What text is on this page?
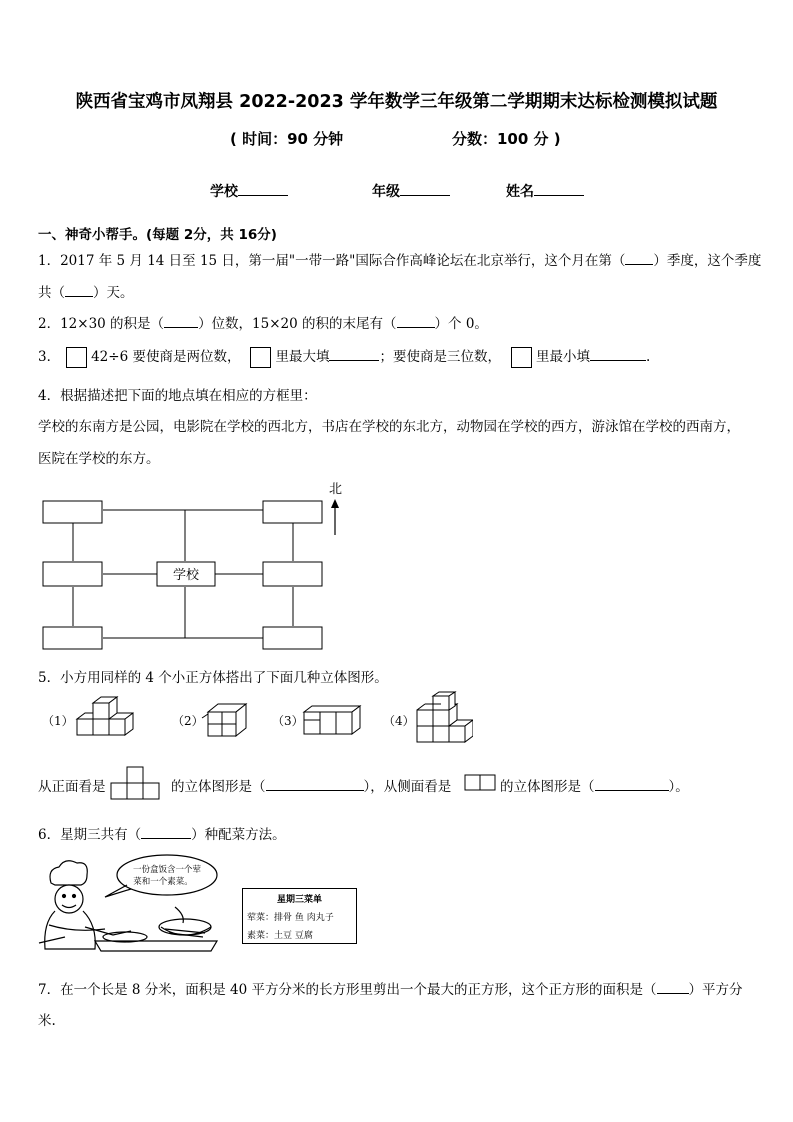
陕西省宝鸡市凤翔县 2022-2023 学年数学三年级第二学期期末达标检测模拟试题
( 时间：90 分钟	分数：100 分 )
学校	年级	姓名
一、神奇小帮手。(每题 2分，共 16分)
1．2017 年 5 月 14 日至 15 日，第一届"一带一路"国际合作高峰论坛在北京举行，这个月在第（ ）季度，这个季度
共（ ）天。
2．12×30 的积是（	）位数，15×20 的积的末尾有（	）个 0。
3． 42÷6 要使商是两位数，	里最大填	；要使商是三位数，	里最小填	.
4．根据描述把下面的地点填在相应的方框里：
学校的东南方是公园，电影院在学校的西北方，书店在学校的东北方，动物园在学校的西方，游泳馆在学校的西南方，
医院在学校的东方。
学校
北
5．小方用同样的 4 个小正方体搭出了下面几种立体图形。
（1）	（2）	（3）	（4）
从正面看是	的立体图形是（	），从侧面看是	的立体图形是（	）。
6．星期三共有（	）种配菜方法。
一份盒饭含一个荤
菜和一个素菜。
星期三菜单
荤菜：排骨 鱼 肉丸子
素菜：土豆 豆腐
7．在一个长是 8 分米，面积是 40 平方分米的长方形里剪出一个最大的正方形，这个正方形的面积是（ ）平方分
米.
